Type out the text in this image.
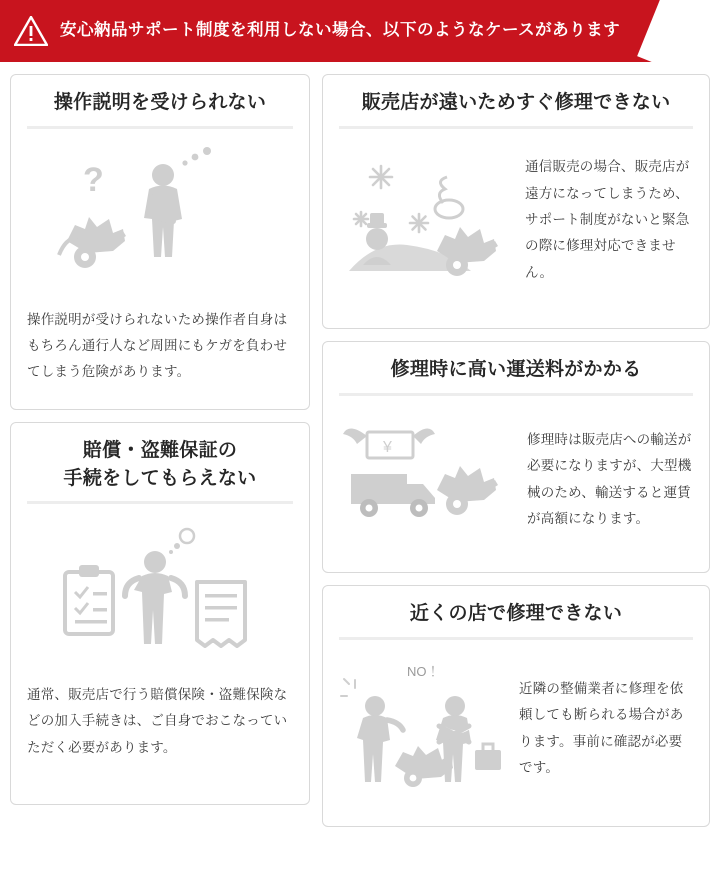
安心納品サポート制度を利用しない場合、以下のようなケースがあります
操作説明を受けられない
?
操作説明が受けられないため操作者自身はもちろん通行人など周囲にもケガを負わせてしまう危険があります。
賠償・盗難保証の
手続をしてもらえない
通常、販売店で行う賠償保険・盗難保険などの加入手続きは、ご自身でおこなっていただく必要があります。
販売店が遠いためすぐ修理できない
通信販売の場合、販売店が遠方になってしまうため、サポート制度がないと緊急の際に修理対応できません。
修理時に高い運送料がかかる
¥	修理時は販売店への輸送が必要になりますが、大型機械のため、輸送すると運賃が高額になります。
近くの店で修理できない
NO！
近隣の整備業者に修理を依頼しても断られる場合があります。事前に確認が必要です。
